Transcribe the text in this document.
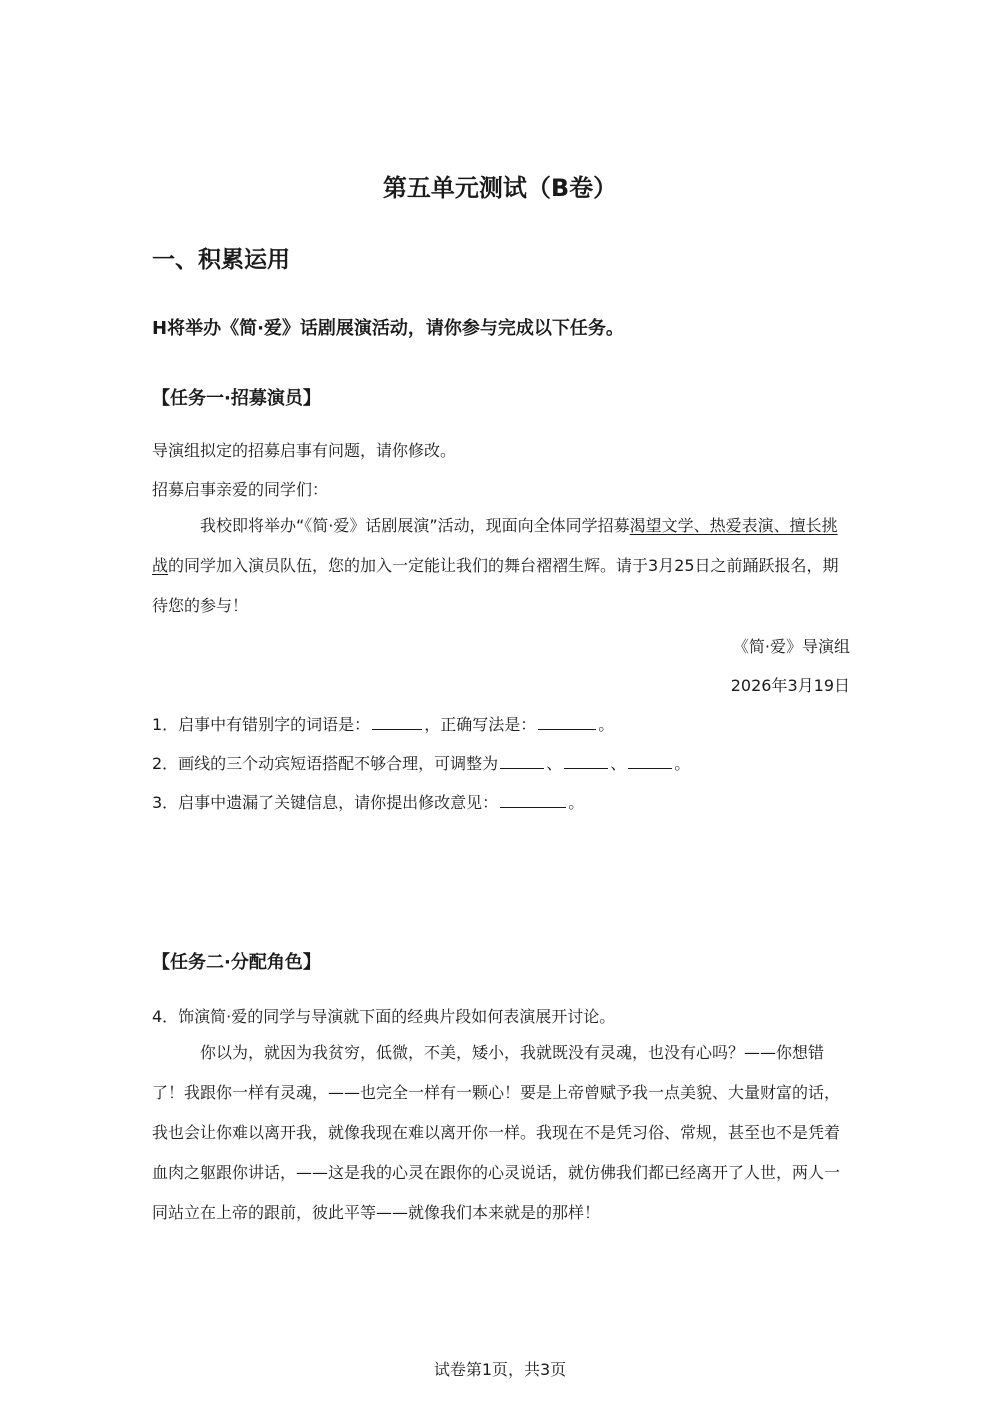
第五单元测试（B卷）
一、积累运用
H将举办《简·爱》话剧展演活动，请你参与完成以下任务。
【任务一·招募演员】
导演组拟定的招募启事有问题，请你修改。
招募启事亲爱的同学们：
我校即将举办“《简·爱》话剧展演”活动，现面向全体同学招募渴望文学、热爱表演、擅长挑战的同学加入演员队伍，您的加入一定能让我们的舞台褶褶生辉。请于3月25日之前踊跃报名，期待您的参与！
《简·爱》导演组
2026年3月19日
1．启事中有错别字的词语是：	，正确写法是：	。
2．画线的三个动宾短语搭配不够合理，可调整为	、	、	。
3．启事中遗漏了关键信息，请你提出修改意见：	。
【任务二·分配角色】
4．饰演简·爱的同学与导演就下面的经典片段如何表演展开讨论。
你以为，就因为我贫穷，低微，不美，矮小，我就既没有灵魂，也没有心吗？——你想错了！我跟你一样有灵魂，——也完全一样有一颗心！要是上帝曾赋予我一点美貌、大量财富的话，我也会让你难以离开我，就像我现在难以离开你一样。我现在不是凭习俗、常规，甚至也不是凭着血肉之躯跟你讲话，——这是我的心灵在跟你的心灵说话，就仿佛我们都已经离开了人世，两人一同站立在上帝的跟前，彼此平等——就像我们本来就是的那样！
试卷第1页，共3页
